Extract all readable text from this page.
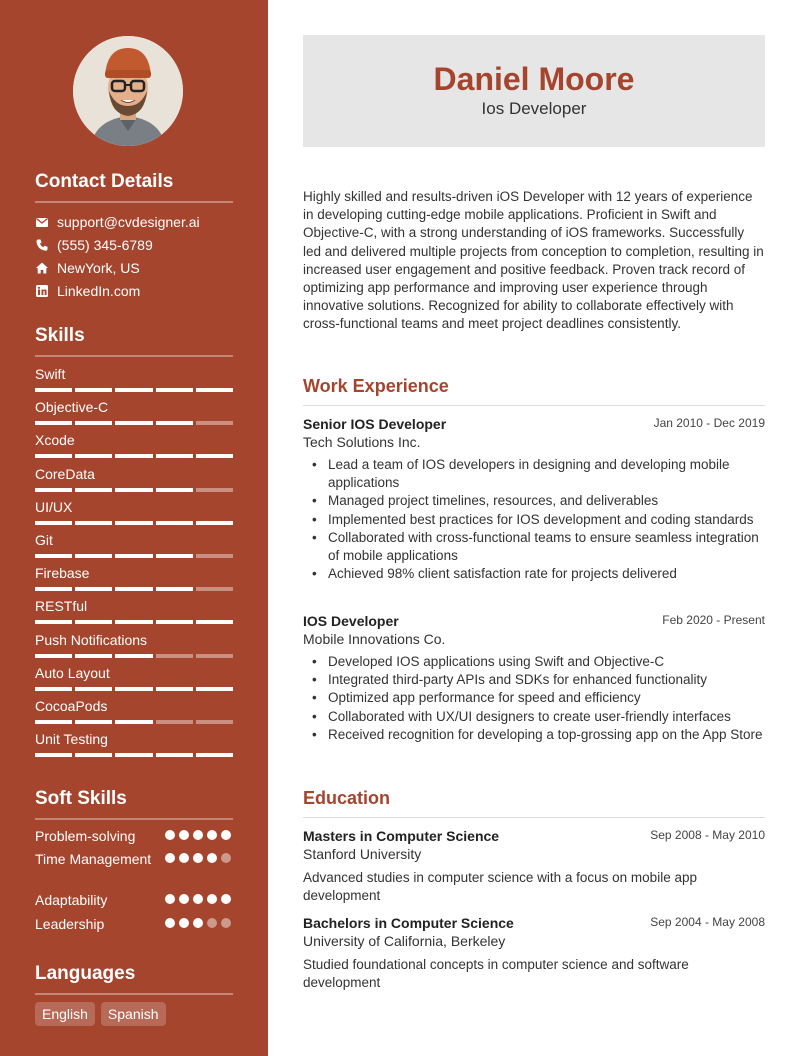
Contact Details
support@cvdesigner.ai
(555) 345-6789
NewYork, US
LinkedIn.com
Skills
Swift
Objective-C
Xcode
CoreData
UI/UX
Git
Firebase
RESTful
Push Notifications
Auto Layout
CocoaPods
Unit Testing
Soft Skills
Problem-solving
Time Management
Adaptability
Leadership
Languages
English	Spanish
Daniel Moore
Ios Developer
Highly skilled and results-driven iOS Developer with 12 years of experience in developing cutting-edge mobile applications. Proficient in Swift and Objective-C, with a strong understanding of iOS frameworks. Successfully led and delivered multiple projects from conception to completion, resulting in increased user engagement and positive feedback. Proven track record of optimizing app performance and improving user experience through innovative solutions. Recognized for ability to collaborate effectively with cross-functional teams and meet project deadlines consistently.
Work Experience
Senior IOS Developer	Jan 2010 - Dec 2019
Tech Solutions Inc.
• Lead a team of IOS developers in designing and developing mobile applications
• Managed project timelines, resources, and deliverables
• Implemented best practices for IOS development and coding standards
• Collaborated with cross-functional teams to ensure seamless integration of mobile applications
• Achieved 98% client satisfaction rate for projects delivered
IOS Developer	Feb 2020 - Present
Mobile Innovations Co.
• Developed IOS applications using Swift and Objective-C
• Integrated third-party APIs and SDKs for enhanced functionality
• Optimized app performance for speed and efficiency
• Collaborated with UX/UI designers to create user-friendly interfaces
• Received recognition for developing a top-grossing app on the App Store
Education
Masters in Computer Science	Sep 2008 - May 2010
Stanford University
Advanced studies in computer science with a focus on mobile app development
Bachelors in Computer Science	Sep 2004 - May 2008
University of California, Berkeley
Studied foundational concepts in computer science and software development
